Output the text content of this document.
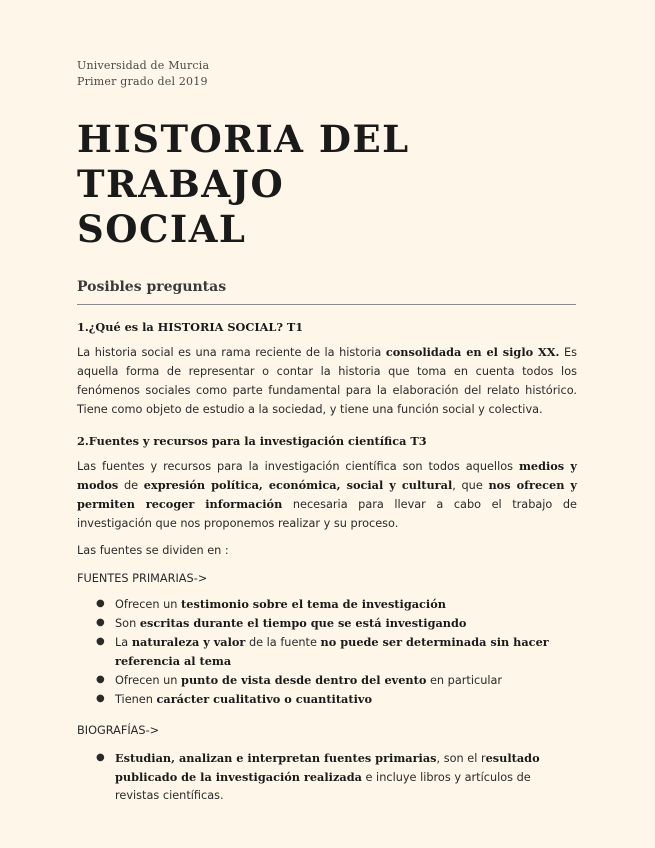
Universidad de Murcia
Primer grado del 2019
HISTORIA DEL TRABAJO
SOCIAL
Posibles preguntas
1.¿Qué es la HISTORIA SOCIAL? T1
La historia social es una rama reciente de la historia consolidada en el siglo XX. Es aquella forma de representar o contar la historia que toma en cuenta todos los fenómenos sociales como parte fundamental para la elaboración del relato histórico. Tiene como objeto de estudio a la sociedad, y tiene una función social y colectiva.
2.Fuentes y recursos para la investigación científica T3
Las fuentes y recursos para la investigación científica son todos aquellos medios y modos de expresión política, económica, social y cultural, que nos ofrecen y permiten recoger información necesaria para llevar a cabo el trabajo de investigación que nos proponemos realizar y su proceso.
Las fuentes se dividen en :
FUENTES PRIMARIAS->
● Ofrecen un testimonio sobre el tema de investigación
● Son escritas durante el tiempo que se está investigando
● La naturaleza y valor de la fuente no puede ser determinada sin hacer referencia al tema
● Ofrecen un punto de vista desde dentro del evento en particular
● Tienen carácter cualitativo o cuantitativo
BIOGRAFÍAS->
● Estudian, analizan e interpretan fuentes primarias, son el resultado publicado de la investigación realizada e incluye libros y artículos de revistas científicas.
